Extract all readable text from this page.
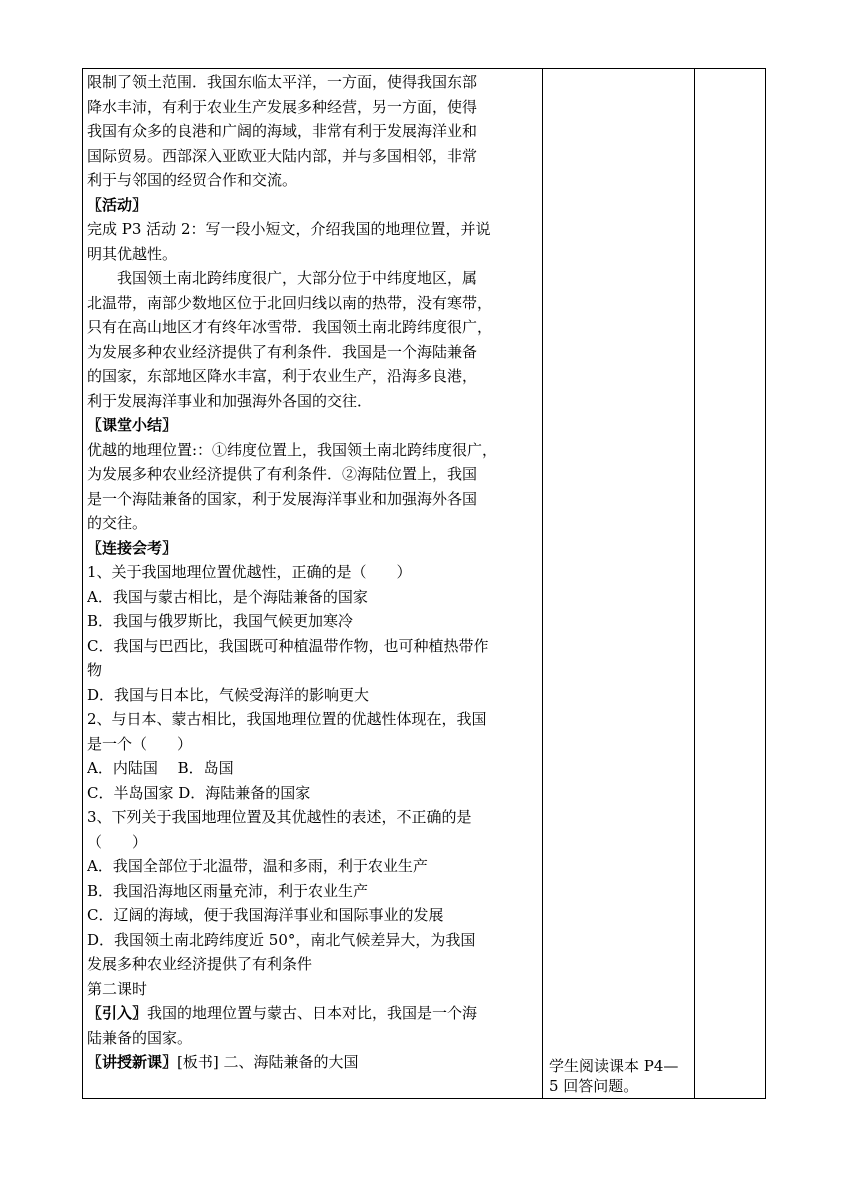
限制了领土范围．我国东临太平洋，一方面，使得我国东部
降水丰沛，有利于农业生产发展多种经营，另一方面，使得
我国有众多的良港和广阔的海域，非常有利于发展海洋业和
国际贸易。西部深入亚欧亚大陆内部，并与多国相邻，非常
利于与邻国的经贸合作和交流。
〖活动〗
完成 P3 活动 2：写一段小短文，介绍我国的地理位置，并说
明其优越性。
　　我国领土南北跨纬度很广，大部分位于中纬度地区，属
北温带，南部少数地区位于北回归线以南的热带，没有寒带，
只有在高山地区才有终年冰雪带．我国领土南北跨纬度很广，
为发展多种农业经济提供了有利条件．我国是一个海陆兼备
的国家，东部地区降水丰富，利于农业生产，沿海多良港，
利于发展海洋事业和加强海外各国的交往．
〖课堂小结〗
优越的地理位置:：①纬度位置上，我国领土南北跨纬度很广，
为发展多种农业经济提供了有利条件．②海陆位置上，我国
是一个海陆兼备的国家，利于发展海洋事业和加强海外各国
的交往。
〖连接会考〗
1、关于我国地理位置优越性，正确的是（　　）
A．我国与蒙古相比，是个海陆兼备的国家
B．我国与俄罗斯比，我国气候更加寒冷
C．我国与巴西比，我国既可种植温带作物，也可种植热带作
物
D．我国与日本比，气候受海洋的影响更大
2、与日本、蒙古相比，我国地理位置的优越性体现在，我国
是一个（　　）
A．内陆国　 B．岛国
C．半岛国家 D．海陆兼备的国家
3、下列关于我国地理位置及其优越性的表述，不正确的是
（　　）
A．我国全部位于北温带，温和多雨，利于农业生产
B．我国沿海地区雨量充沛，利于农业生产
C．辽阔的海域，便于我国海洋事业和国际事业的发展
D．我国领土南北跨纬度近 50°，南北气候差异大，为我国
发展多种农业经济提供了有利条件
第二课时
〖引入〗我国的地理位置与蒙古、日本对比，我国是一个海
陆兼备的国家。
〖讲授新课〗[板书] 二、海陆兼备的大国	学生阅读课本 P4—
5 回答问题。
